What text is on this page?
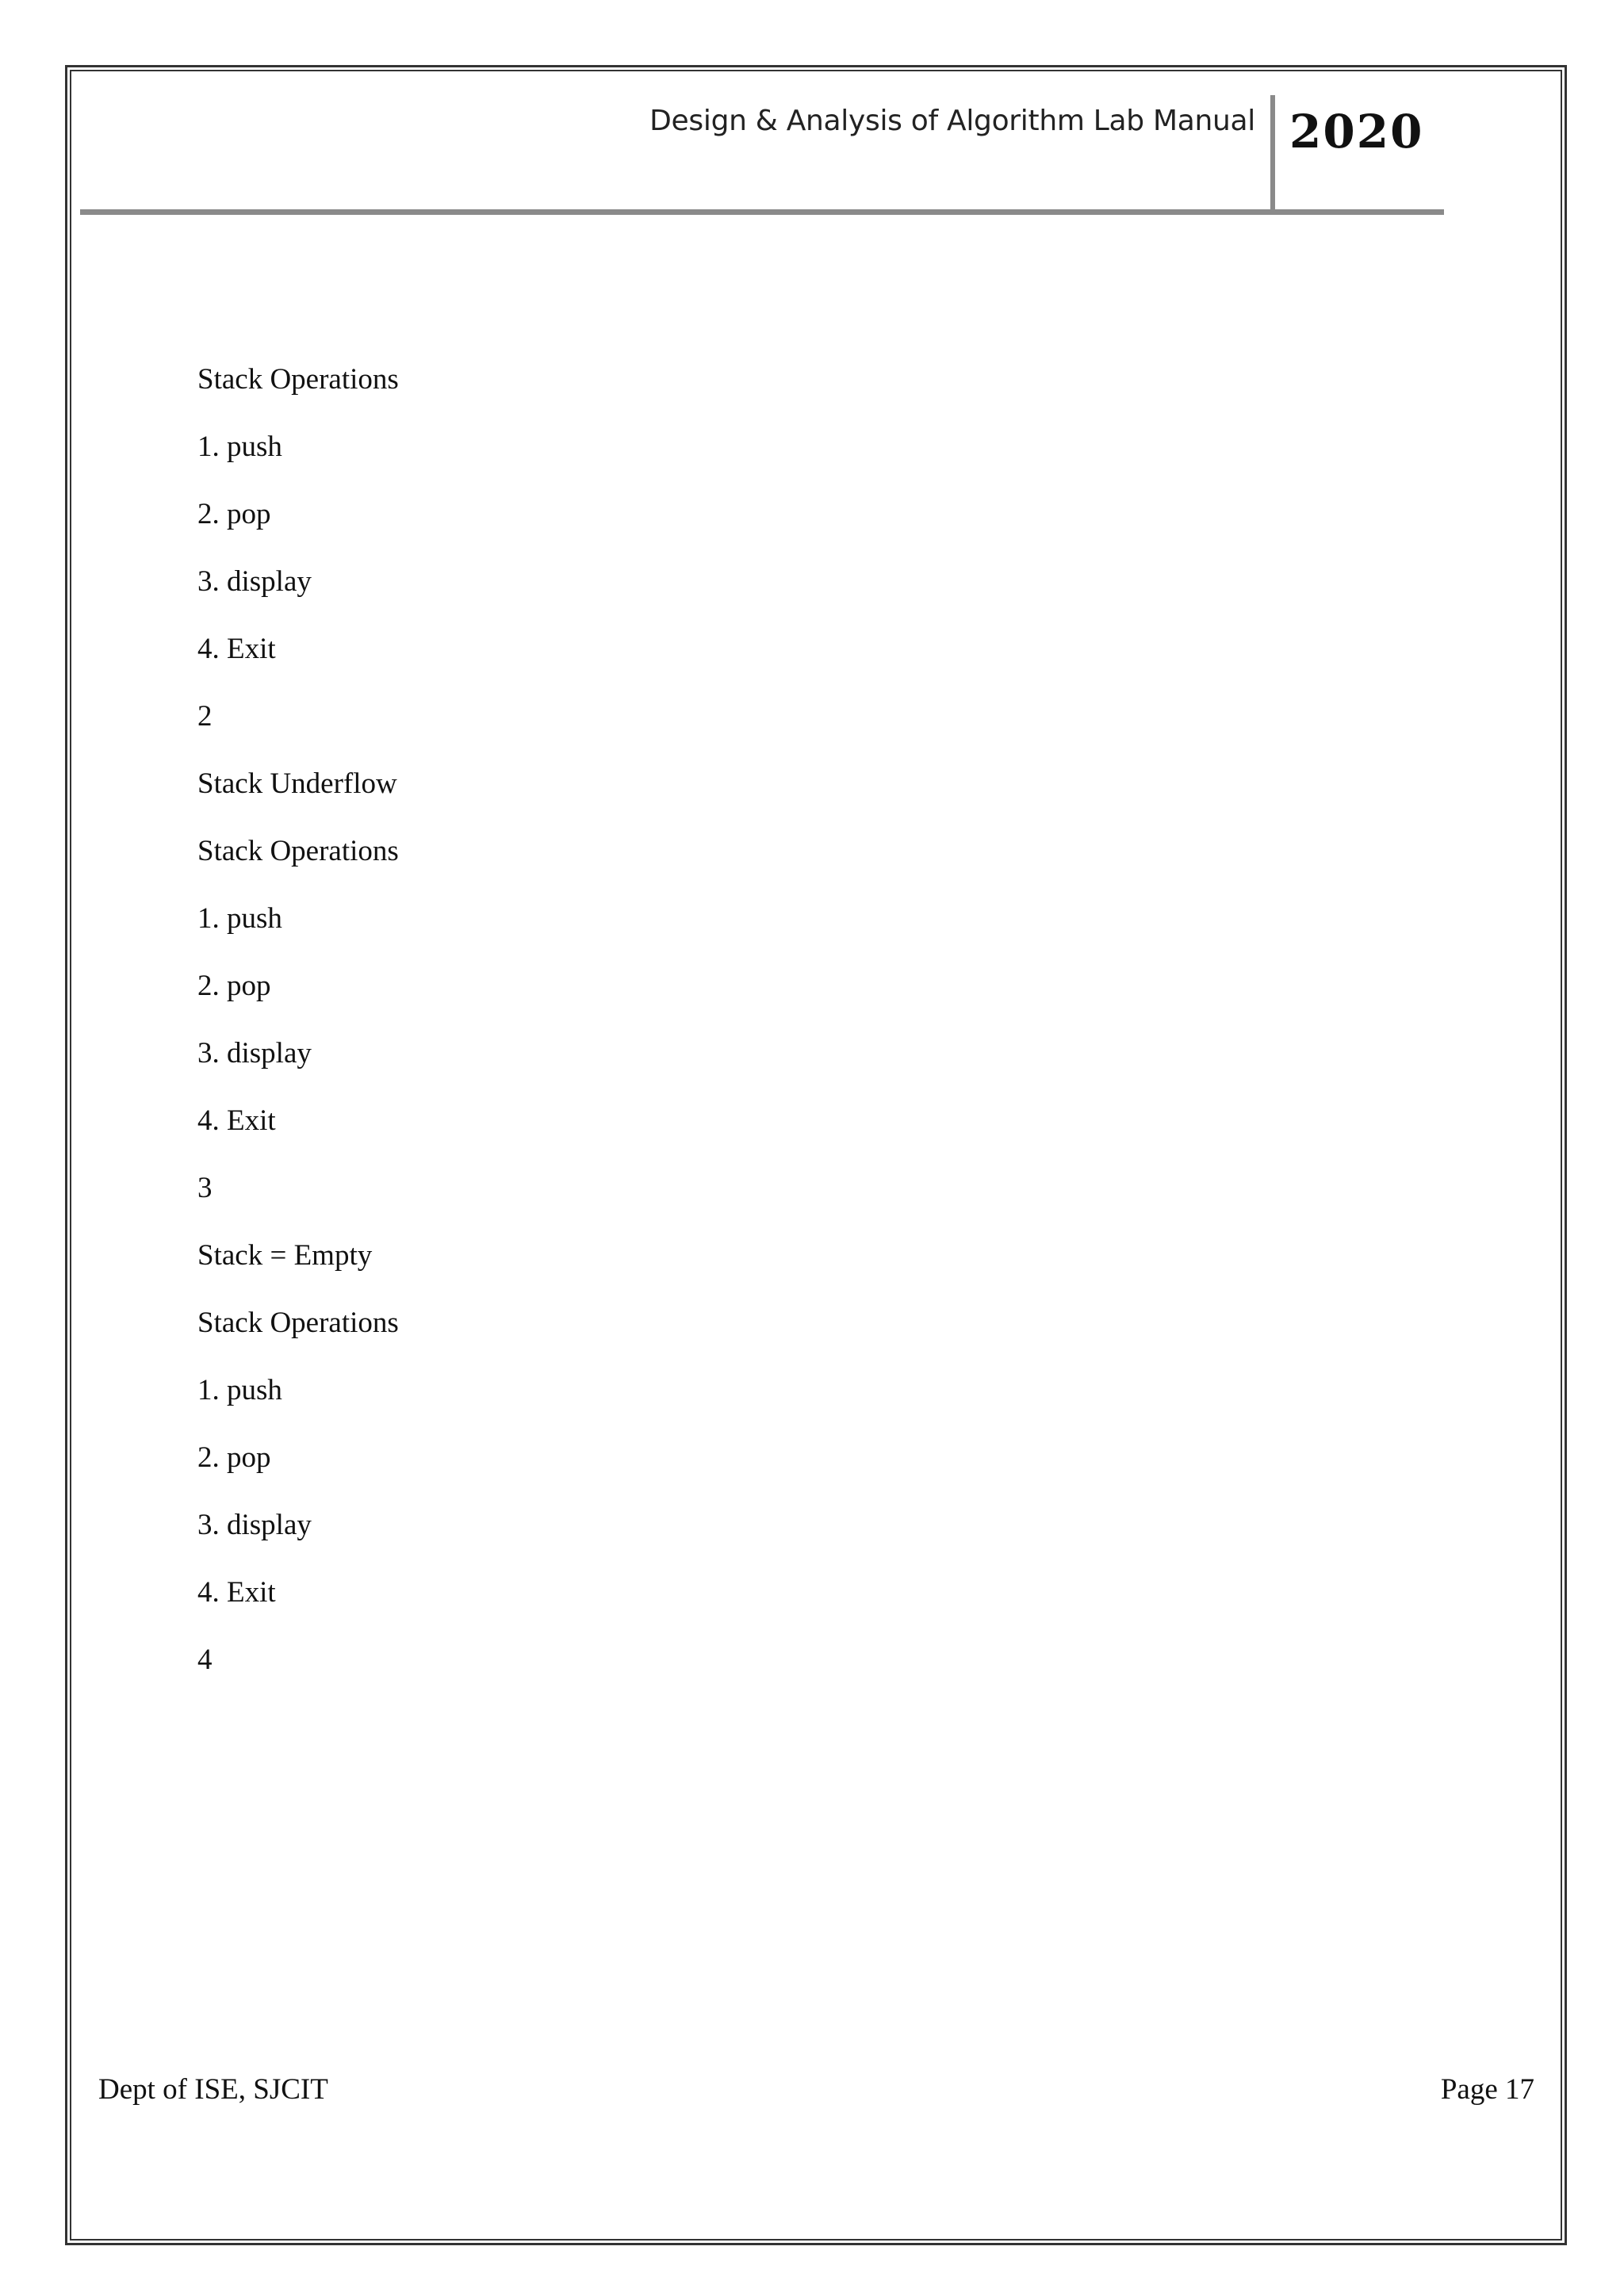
Design & Analysis of Algorithm Lab Manual 2020
Stack Operations
1. push
2. pop
3. display
4. Exit
2
Stack Underflow
Stack Operations
1. push
2. pop
3. display
4. Exit
3
Stack = Empty
Stack Operations
1. push
2. pop
3. display
4. Exit
4
Dept of ISE, SJCIT	Page 17
